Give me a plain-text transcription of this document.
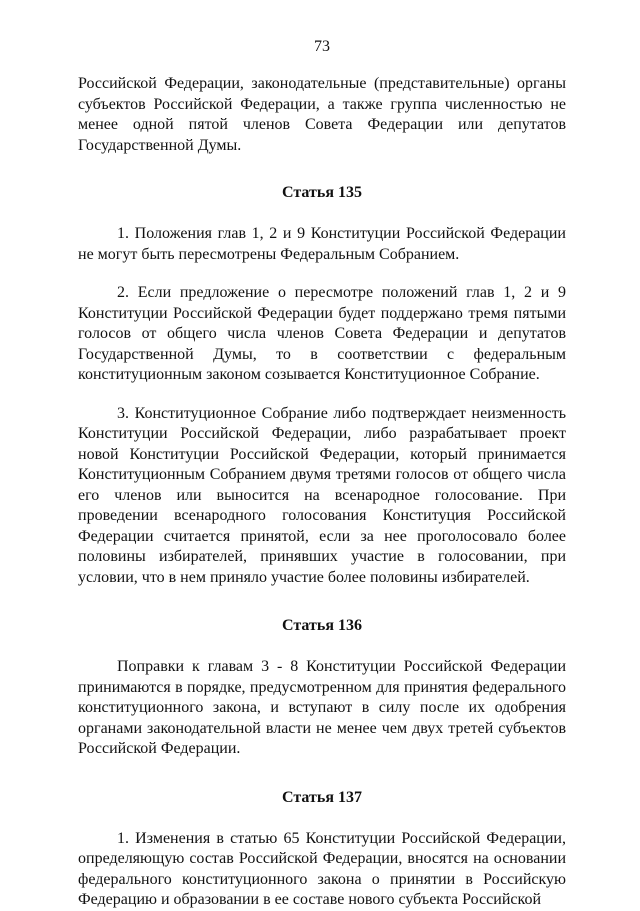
73

Российской Федерации, законодательные (представительные) органы субъектов Российской Федерации, а также группа численностью не менее одной пятой членов Совета Федерации или депутатов Государственной Думы.

Статья 135

1. Положения глав 1, 2 и 9 Конституции Российской Федерации не могут быть пересмотрены Федеральным Собранием.

2. Если предложение о пересмотре положений глав 1, 2 и 9 Конституции Российской Федерации будет поддержано тремя пятыми голосов от общего числа членов Совета Федерации и депутатов Государственной Думы, то в соответствии с федеральным конституционным законом созывается Конституционное Собрание.

3. Конституционное Собрание либо подтверждает неизменность Конституции Российской Федерации, либо разрабатывает проект новой Конституции Российской Федерации, который принимается Конституционным Собранием двумя третями голосов от общего числа его членов или выносится на всенародное голосование. При проведении всенародного голосования Конституция Российской Федерации считается принятой, если за нее проголосовало более половины избирателей, принявших участие в голосовании, при условии, что в нем приняло участие более половины избирателей.

Статья 136

Поправки к главам 3 - 8 Конституции Российской Федерации принимаются в порядке, предусмотренном для принятия федерального конституционного закона, и вступают в силу после их одобрения органами законодательной власти не менее чем двух третей субъектов Российской Федерации.

Статья 137

1. Изменения в статью 65 Конституции Российской Федерации, определяющую состав Российской Федерации, вносятся на основании федерального конституционного закона о принятии в Российскую Федерацию и образовании в ее составе нового субъекта Российской
